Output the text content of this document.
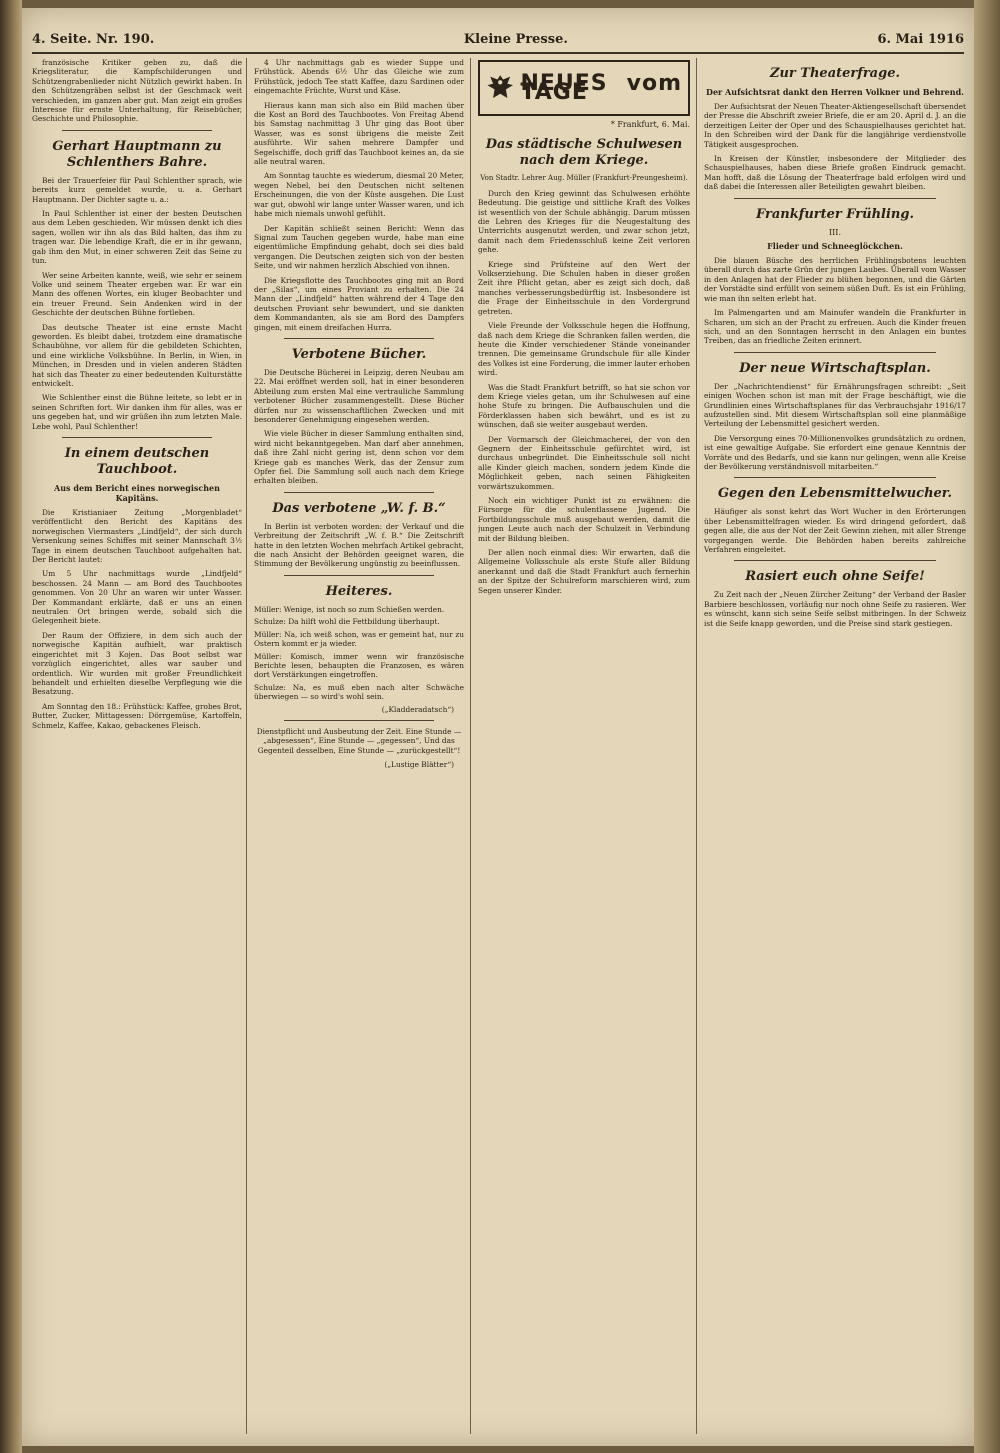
4. Seite. Nr. 190.	Kleine Presse.	6. Mai 1916

französische Kritiker geben zu, daß die Kriegsliteratur, die Kampfschilderungen und Schützengrabenlieder nicht Nützlich gewirkt haben. In den Schützengräben selbst ist der Geschmack weit verschieden, im ganzen aber gut. Man zeigt ein großes Interesse für ernste Unterhaltung, für Reisebücher, Geschichte und Philosophie.

Gerhart Hauptmann zu Schlenthers Bahre.

Bei der Trauerfeier für Paul Schlenther sprach, wie bereits kurz gemeldet wurde, u. a. Gerhart Hauptmann. Der Dichter sagte u. a.:

In Paul Schlenther ist einer der besten Deutschen aus dem Leben geschieden. Wir müssen denkt ich dies sagen, wollen wir ihn als das Bild halten, das ihm zu tragen war. Die lebendige Kraft, die er in ihr gewann, gab ihm den Mut, in einer schweren Zeit das Seine zu tun.

Wer seine Arbeiten kannte, weiß, wie sehr er seinem Volke und seinem Theater ergeben war. Er war ein Mann des offenen Wortes, ein kluger Beobachter und ein treuer Freund. Sein Andenken wird in der Geschichte der deutschen Bühne fortleben.

Das deutsche Theater ist eine ernste Macht geworden. Es bleibt dabei, trotzdem eine dramatische Schaubühne, vor allem für die gebildeten Schichten, und eine wirkliche Volksbühne. In Berlin, in Wien, in München, in Dresden und in vielen anderen Städten hat sich das Theater zu einer bedeutenden Kulturstätte entwickelt.

Wie Schlenther einst die Bühne leitete, so lebt er in seinen Schriften fort. Wir danken ihm für alles, was er uns gegeben hat, und wir grüßen ihn zum letzten Male. Lebe wohl, Paul Schlenther!

In einem deutschen Tauchboot.
Aus dem Bericht eines norwegischen Kapitäns.

Die Kristianiaer Zeitung „Morgenbladet“ veröffentlicht den Bericht des Kapitäns des norwegischen Viermasters „Lindfjeld“, der sich durch Versenkung seines Schiffes mit seiner Mannschaft 3½ Tage in einem deutschen Tauchboot aufgehalten hat. Der Bericht lautet:

Um 5 Uhr nachmittags wurde „Lindfjeld“ beschossen. 24 Mann — am Bord des Tauchbootes genommen. Von 20 Uhr an waren wir unter Wasser. Der Kommandant erklärte, daß er uns an einen neutralen Ort bringen werde, sobald sich die Gelegenheit biete.

Der Raum der Offiziere, in dem sich auch der norwegische Kapitän aufhielt, war praktisch eingerichtet mit 3 Kojen. Das Boot selbst war vorzüglich eingerichtet, alles war sauber und ordentlich. Wir wurden mit großer Freundlichkeit behandelt und erhielten dieselbe Verpflegung wie die Besatzung.

Am Sonntag den 18.: Frühstück: Kaffee, grobes Brot, Butter, Zucker, Mittagessen: Dörrgemüse, Kartoffeln, Schmelz, Kaffee, Kakao, gebackenes Fleisch.

4 Uhr nachmittags gab es wieder Suppe und Frühstück. Abends 6½ Uhr das Gleiche wie zum Frühstück, jedoch Tee statt Kaffee, dazu Sardinen oder eingemachte Früchte, Wurst und Käse.

Hieraus kann man sich also ein Bild machen über die Kost an Bord des Tauchbootes. Von Freitag Abend bis Samstag nachmittag 3 Uhr ging das Boot über Wasser, was es sonst übrigens die meiste Zeit ausführte. Wir sahen mehrere Dampfer und Segelschiffe, doch griff das Tauchboot keines an, da sie alle neutral waren.

Am Sonntag tauchte es wiederum, diesmal 20 Meter, wegen Nebel, bei den Deutschen nicht seltenen Erscheinungen, die von der Küste ausgehen. Die Lust war gut, obwohl wir lange unter Wasser waren, und ich habe mich niemals unwohl gefühlt.

Der Kapitän schließt seinen Bericht: Wenn das Signal zum Tauchen gegeben wurde, habe man eine eigentümliche Empfindung gehabt, doch sei dies bald vergangen. Die Deutschen zeigten sich von der besten Seite, und wir nahmen herzlich Abschied von ihnen.

Die Kriegsflotte des Tauchbootes ging mit an Bord der „Silas“, um eines Proviant zu erhalten. Die 24 Mann der „Lindfjeld“ hatten während der 4 Tage den deutschen Proviant sehr bewundert, und sie dankten dem Kommandanten, als sie am Bord des Dampfers gingen, mit einem dreifachen Hurra.

Verbotene Bücher.

Die Deutsche Bücherei in Leipzig, deren Neubau am 22. Mai eröffnet werden soll, hat in einer besonderen Abteilung zum ersten Mal eine vertrauliche Sammlung verbotener Bücher zusammengestellt. Diese Bücher dürfen nur zu wissenschaftlichen Zwecken und mit besonderer Genehmigung eingesehen werden.

Wie viele Bücher in dieser Sammlung enthalten sind, wird nicht bekanntgegeben. Man darf aber annehmen, daß ihre Zahl nicht gering ist, denn schon vor dem Kriege gab es manches Werk, das der Zensur zum Opfer fiel. Die Sammlung soll auch nach dem Kriege erhalten bleiben.

Das verbotene „W. f. B.“

In Berlin ist verboten worden: der Verkauf und die Verbreitung der Zeitschrift „W. f. B.“ Die Zeitschrift hatte in den letzten Wochen mehrfach Artikel gebracht, die nach Ansicht der Behörden geeignet waren, die Stimmung der Bevölkerung ungünstig zu beeinflussen.

Heiteres.

Müller: Wenige, ist noch so zum Schießen werden.

Schulze: Da hilft wohl die Fettbildung überhaupt.

Müller: Na, ich weiß schon, was er gemeint hat, nur zu Ostern kommt er ja wieder.

Müller: Komisch, immer wenn wir französische Berichte lesen, behaupten die Franzosen, es wären dort Verstärkungen eingetroffen.

Schulze: Na, es muß eben nach alter Schwäche überwiegen — so wird's wohl sein.

(„Kladderadatsch“)

Dienstpflicht und Ausbeutung der Zeit. Eine Stunde — „abgesessen“, Eine Stunde — „gegessen“, Und das Gegenteil desselben, Eine Stunde — „zurückgestellt“!

(„Lustige Blätter“)

NEUES vom TAGE
* Frankfurt, 6. Mai.
Das städtische Schulwesen nach dem Kriege.
Von Stadtr. Lehrer Aug. Müller (Frankfurt-Preungesheim).

Durch den Krieg gewinnt das Schulwesen erhöhte Bedeutung. Die geistige und sittliche Kraft des Volkes ist wesentlich von der Schule abhängig. Darum müssen die Lehren des Krieges für die Neugestaltung des Unterrichts ausgenutzt werden, und zwar schon jetzt, damit nach dem Friedensschluß keine Zeit verloren gehe.

Kriege sind Prüfsteine auf den Wert der Volkserziehung. Die Schulen haben in dieser großen Zeit ihre Pflicht getan, aber es zeigt sich doch, daß manches verbesserungsbedürftig ist. Insbesondere ist die Frage der Einheitsschule in den Vordergrund getreten.

Viele Freunde der Volksschule hegen die Hoffnung, daß nach dem Kriege die Schranken fallen werden, die heute die Kinder verschiedener Stände voneinander trennen. Die gemeinsame Grundschule für alle Kinder des Volkes ist eine Forderung, die immer lauter erhoben wird.

Was die Stadt Frankfurt betrifft, so hat sie schon vor dem Kriege vieles getan, um ihr Schulwesen auf eine hohe Stufe zu bringen. Die Aufbauschulen und die Förderklassen haben sich bewährt, und es ist zu wünschen, daß sie weiter ausgebaut werden.

Der Vormarsch der Gleichmacherei, der von den Gegnern der Einheitsschule gefürchtet wird, ist durchaus unbegründet. Die Einheitsschule soll nicht alle Kinder gleich machen, sondern jedem Kinde die Möglichkeit geben, nach seinen Fähigkeiten vorwärtszukommen.

Noch ein wichtiger Punkt ist zu erwähnen: die Fürsorge für die schulentlassene Jugend. Die Fortbildungsschule muß ausgebaut werden, damit die jungen Leute auch nach der Schulzeit in Verbindung mit der Bildung bleiben.

Der allen noch einmal dies: Wir erwarten, daß die Allgemeine Volksschule als erste Stufe aller Bildung anerkannt und daß die Stadt Frankfurt auch fernerhin an der Spitze der Schulreform marschieren wird, zum Segen unserer Kinder.

Zur Theaterfrage.
Der Aufsichtsrat dankt den Herren Volkner und Behrend.

Der Aufsichtsrat der Neuen Theater-Aktiengesellschaft übersendet der Presse die Abschrift zweier Briefe, die er am 20. April d. J. an die derzeitigen Leiter der Oper und des Schauspielhauses gerichtet hat. In den Schreiben wird der Dank für die langjährige verdienstvolle Tätigkeit ausgesprochen.

In Kreisen der Künstler, insbesondere der Mitglieder des Schauspielhauses, haben diese Briefe großen Eindruck gemacht. Man hofft, daß die Lösung der Theaterfrage bald erfolgen wird und daß dabei die Interessen aller Beteiligten gewahrt bleiben.

Frankfurter Frühling.
III.
Flieder und Schneeglöckchen.

Die blauen Büsche des herrlichen Frühlingsbotens leuchten überall durch das zarte Grün der jungen Laubes. Überall vom Wasser in den Anlagen hat der Flieder zu blühen begonnen, und die Gärten der Vorstädte sind erfüllt von seinem süßen Duft. Es ist ein Frühling, wie man ihn selten erlebt hat.

Im Palmengarten und am Mainufer wandeln die Frankfurter in Scharen, um sich an der Pracht zu erfreuen. Auch die Kinder freuen sich, und an den Sonntagen herrscht in den Anlagen ein buntes Treiben, das an friedliche Zeiten erinnert.

Der neue Wirtschaftsplan.

Der „Nachrichtendienst“ für Ernährungsfragen schreibt: „Seit einigen Wochen schon ist man mit der Frage beschäftigt, wie die Grundlinien eines Wirtschaftsplanes für das Verbrauchsjahr 1916/17 aufzustellen sind. Mit diesem Wirtschaftsplan soll eine planmäßige Verteilung der Lebensmittel gesichert werden.

Die Versorgung eines 70-Millionenvolkes grundsätzlich zu ordnen, ist eine gewaltige Aufgabe. Sie erfordert eine genaue Kenntnis der Vorräte und des Bedarfs, und sie kann nur gelingen, wenn alle Kreise der Bevölkerung verständnisvoll mitarbeiten.“

Gegen den Lebensmittelwucher.

Häufiger als sonst kehrt das Wort Wucher in den Erörterungen über Lebensmittelfragen wieder. Es wird dringend gefordert, daß gegen alle, die aus der Not der Zeit Gewinn ziehen, mit aller Strenge vorgegangen werde. Die Behörden haben bereits zahlreiche Verfahren eingeleitet.

Rasiert euch ohne Seife!

Zu Zeit nach der „Neuen Zürcher Zeitung“ der Verband der Basler Barbiere beschlossen, vorläufig nur noch ohne Seife zu rasieren. Wer es wünscht, kann sich seine Seife selbst mitbringen. In der Schweiz ist die Seife knapp geworden, und die Preise sind stark gestiegen.
